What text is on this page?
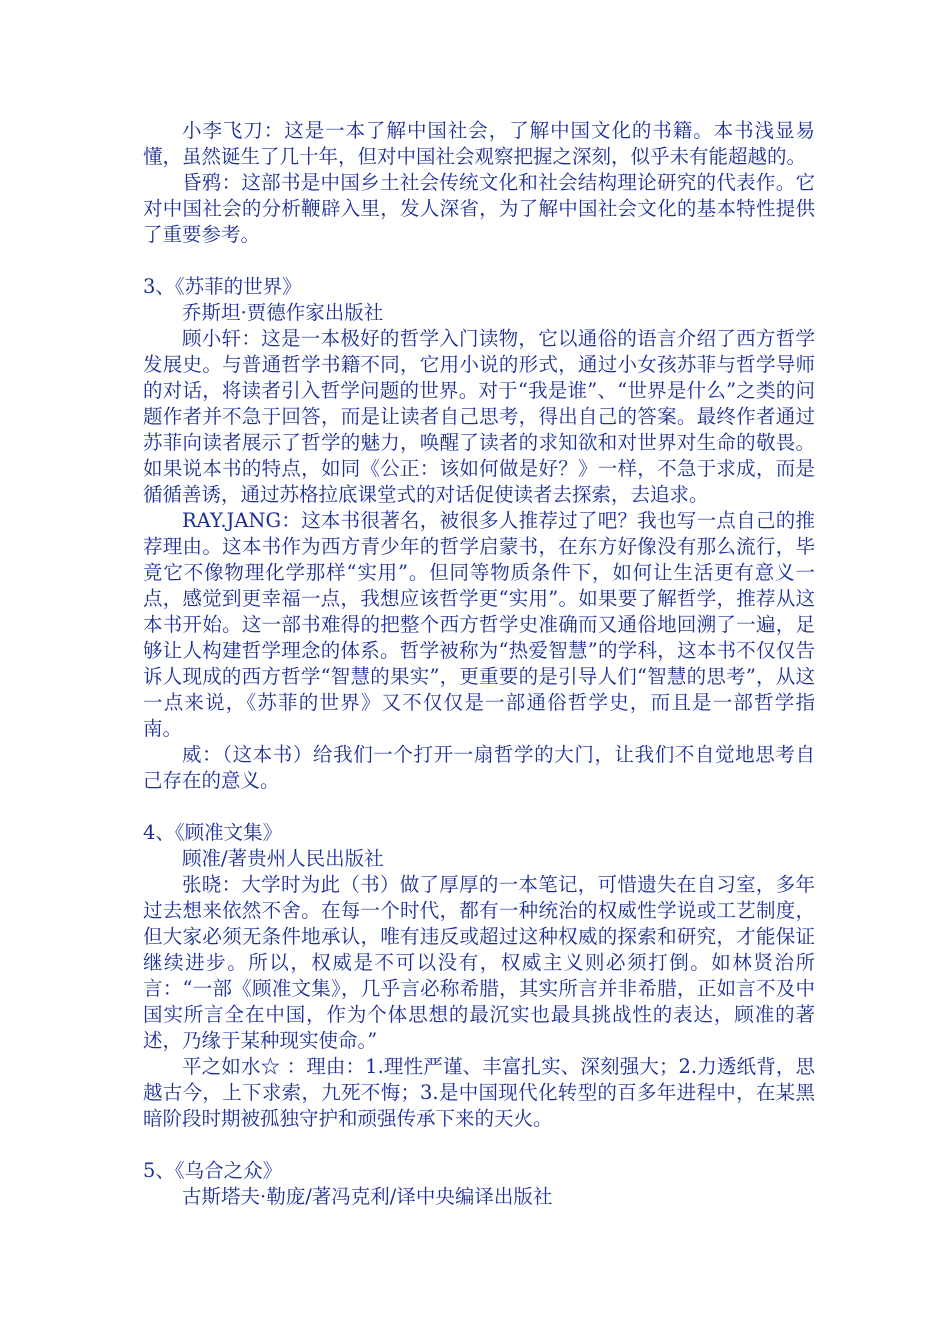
小李飞刀：这是一本了解中国社会，了解中国文化的书籍。本书浅显易懂，虽然诞生了几十年，但对中国社会观察把握之深刻，似乎未有能超越的。

昏鸦：这部书是中国乡土社会传统文化和社会结构理论研究的代表作。它对中国社会的分析鞭辟入里，发人深省，为了解中国社会文化的基本特性提供了重要参考。

3、《苏菲的世界》

乔斯坦·贾德作家出版社

顾小轩：这是一本极好的哲学入门读物，它以通俗的语言介绍了西方哲学发展史。与普通哲学书籍不同，它用小说的形式，通过小女孩苏菲与哲学导师的对话，将读者引入哲学问题的世界。对于“我是谁”、“世界是什么”之类的问题作者并不急于回答，而是让读者自己思考，得出自己的答案。最终作者通过苏菲向读者展示了哲学的魅力，唤醒了读者的求知欲和对世界对生命的敬畏。如果说本书的特点，如同《公正：该如何做是好？》一样，不急于求成，而是循循善诱，通过苏格拉底课堂式的对话促使读者去探索，去追求。

RAY.JANG：这本书很著名，被很多人推荐过了吧？我也写一点自己的推荐理由。这本书作为西方青少年的哲学启蒙书，在东方好像没有那么流行，毕竟它不像物理化学那样“实用”。但同等物质条件下，如何让生活更有意义一点，感觉到更幸福一点，我想应该哲学更“实用”。如果要了解哲学，推荐从这本书开始。这一部书难得的把整个西方哲学史准确而又通俗地回溯了一遍，足够让人构建哲学理念的体系。哲学被称为“热爱智慧”的学科，这本书不仅仅告诉人现成的西方哲学“智慧的果实”，更重要的是引导人们“智慧的思考”，从这一点来说，《苏菲的世界》又不仅仅是一部通俗哲学史，而且是一部哲学指南。

威：（这本书）给我们一个打开一扇哲学的大门，让我们不自觉地思考自己存在的意义。

4、《顾准文集》

顾准/著贵州人民出版社

张晓：大学时为此（书）做了厚厚的一本笔记，可惜遗失在自习室，多年过去想来依然不舍。在每一个时代，都有一种统治的权威性学说或工艺制度，但大家必须无条件地承认，唯有违反或超过这种权威的探索和研究，才能保证继续进步。所以，权威是不可以没有，权威主义则必须打倒。如林贤治所言：“一部《顾准文集》，几乎言必称希腊，其实所言并非希腊，正如言不及中国实所言全在中国，作为个体思想的最沉实也最具挑战性的表达，顾准的著述，乃缘于某种现实使命。”

平之如水☆ ：理由：1.理性严谨、丰富扎实、深刻强大；2.力透纸背，思越古今，上下求索，九死不悔；3.是中国现代化转型的百多年进程中，在某黑暗阶段时期被孤独守护和顽强传承下来的天火。

5、《乌合之众》

古斯塔夫·勒庞/著冯克利/译中央编译出版社
